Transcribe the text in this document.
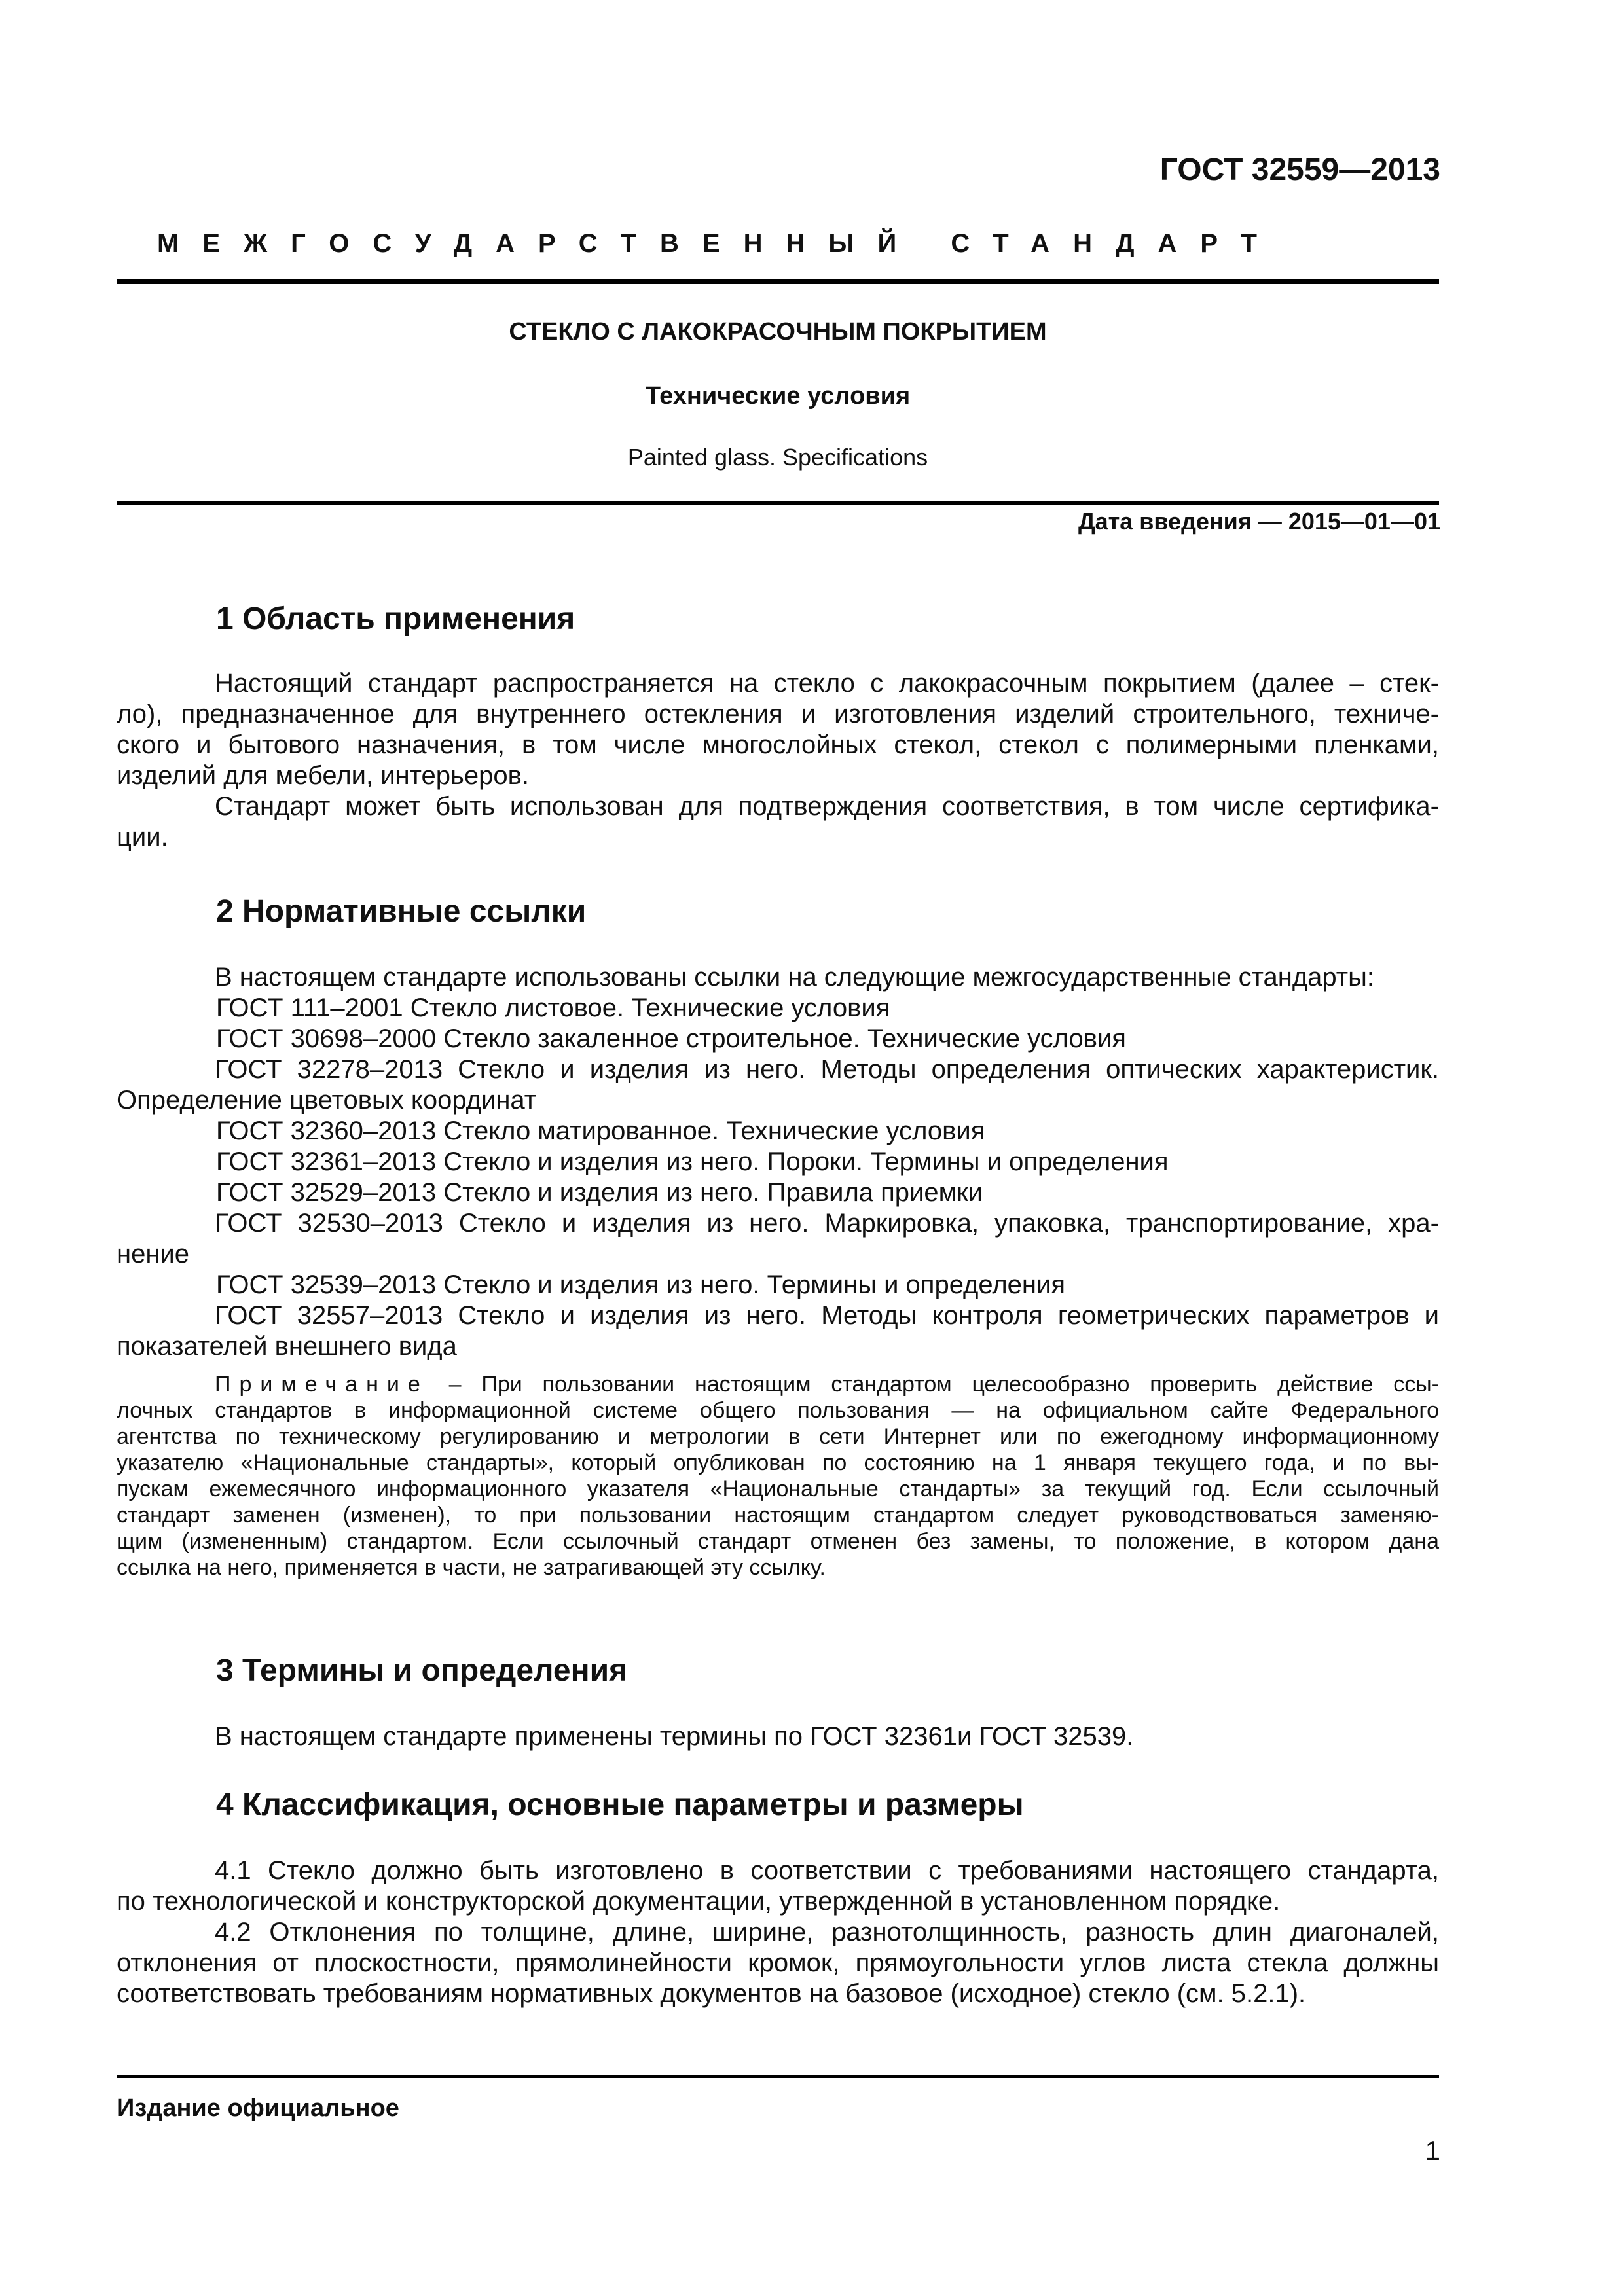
ГОСТ 32559—2013
МЕЖГОСУДАРСТВЕННЫЙ СТАНДАРТ
СТЕКЛО С ЛАКОКРАСОЧНЫМ ПОКРЫТИЕМ
Технические условия
Painted glass. Specifications
Дата введения — 2015—01—01
1 Область применения
Настоящий стандарт распространяется на стекло с лакокрасочным покрытием (далее – стек-
ло), предназначенное для внутреннего остекления и изготовления изделий строительного, техниче-
ского и бытового назначения, в том числе многослойных стекол, стекол с полимерными пленками,
изделий для мебели, интерьеров.
Стандарт может быть использован для подтверждения соответствия, в том числе сертифика-
ции.
2 Нормативные ссылки
В настоящем стандарте использованы ссылки на следующие межгосударственные стандарты:
ГОСТ 111–2001 Стекло листовое. Технические условия
ГОСТ 30698–2000 Стекло закаленное строительное. Технические условия
ГОСТ 32278–2013 Стекло и изделия из него. Методы определения оптических характеристик.
Определение цветовых координат
ГОСТ 32360–2013 Стекло матированное. Технические условия
ГОСТ 32361–2013 Стекло и изделия из него. Пороки. Термины и определения
ГОСТ 32529–2013 Стекло и изделия из него. Правила приемки
ГОСТ 32530–2013 Стекло и изделия из него. Маркировка, упаковка, транспортирование, хра-
нение
ГОСТ 32539–2013 Стекло и изделия из него. Термины и определения
ГОСТ 32557–2013 Стекло и изделия из него. Методы контроля геометрических параметров и
показателей внешнего вида
Примечание – При пользовании настоящим стандартом целесообразно проверить действие ссы-
лочных стандартов в информационной системе общего пользования — на официальном сайте Федерального
агентства по техническому регулированию и метрологии в сети Интернет или по ежегодному информационному
указателю «Национальные стандарты», который опубликован по состоянию на 1 января текущего года, и по вы-
пускам ежемесячного информационного указателя «Национальные стандарты» за текущий год. Если ссылочный
стандарт заменен (изменен), то при пользовании настоящим стандартом следует руководствоваться заменяю-
щим (измененным) стандартом. Если ссылочный стандарт отменен без замены, то положение, в котором дана
ссылка на него, применяется в части, не затрагивающей эту ссылку.
3 Термины и определения
В настоящем стандарте применены термины по ГОСТ 32361и ГОСТ 32539.
4 Классификация, основные параметры и размеры
4.1 Стекло должно быть изготовлено в соответствии с требованиями настоящего стандарта,
по технологической и конструкторской документации, утвержденной в установленном порядке.
4.2 Отклонения по толщине, длине, ширине, разнотолщинность, разность длин диагоналей,
отклонения от плоскостности, прямолинейности кромок, прямоугольности углов листа стекла должны
соответствовать требованиям нормативных документов на базовое (исходное) стекло (см. 5.2.1).
Издание официальное
1
